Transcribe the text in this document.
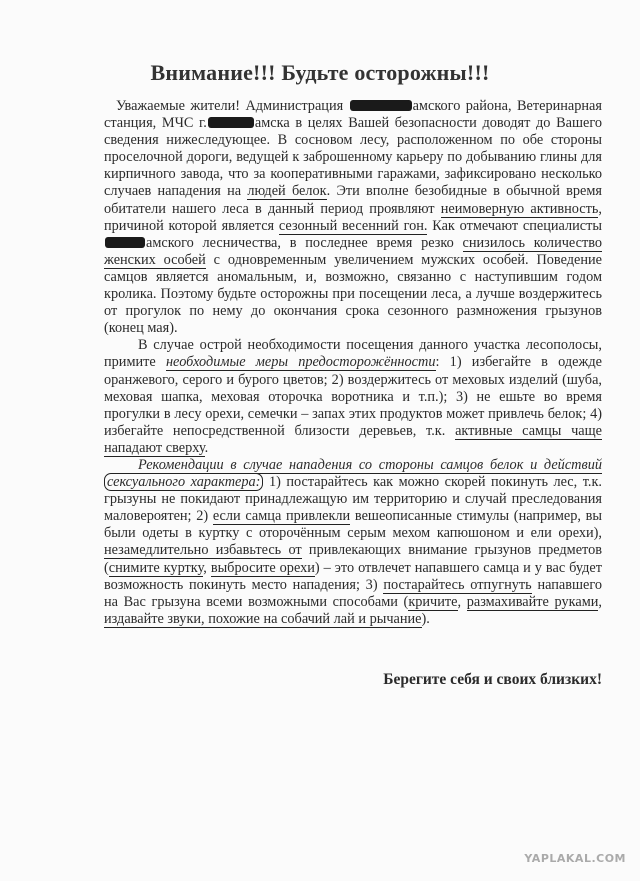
Внимание!!! Будьте осторожны!!!

Уважаемые жители! Администрация	амского района, Ветеринарная станция, МЧС г.	амска в целях Вашей безопасности доводят до Вашего сведения нижеследующее. В сосновом лесу, расположенном по обе стороны проселочной дороги, ведущей к заброшенному карьеру по добыванию глины для кирпичного завода, что за кооперативными гаражами, зафиксировано несколько случаев нападения на людей белок. Эти вполне безобидные в обычной время обитатели нашего леса в данный период проявляют неимоверную активность, причиной которой является сезонный весенний гон. Как отмечают специалисты амского лесничества, в последнее время резко снизилось количество женских особей с одновременным увеличением мужских особей. Поведение самцов является аномальным, и, возможно, связанно с наступившим годом кролика. Поэтому будьте осторожны при посещении леса, а лучше воздержитесь от прогулок по нему до окончания срока сезонного размножения грызунов (конец мая).

В случае острой необходимости посещения данного участка лесополосы, примите необходимые меры предосторожённости: 1) избегайте в одежде оранжевого, серого и бурого цветов; 2) воздержитесь от меховых изделий (шуба, меховая шапка, меховая оторочка воротника и т.п.); 3) не ешьте во время прогулки в лесу орехи, семечки – запах этих продуктов может привлечь белок; 4) избегайте непосредственной близости деревьев, т.к. активные самцы чаще нападают сверху.

Рекомендации в случае нападения со стороны самцов белок и действий сексуального характера: 1) постарайтесь как можно скорей покинуть лес, т.к. грызуны не покидают принадлежащую им территорию и случай преследования маловероятен; 2) если самца привлекли вешеописанные стимулы (например, вы были одеты в куртку с оторочённым серым мехом капюшоном и ели орехи), незамедлительно избавьтесь от привлекающих внимание грызунов предметов (снимите куртку, выбросите орехи) – это отвлечет напавшего самца и у вас будет возможность покинуть место нападения; 3) постарайтесь отпугнуть напавшего на Вас грызуна всеми возможными способами (кричите, размахивайте руками, издавайте звуки, похожие на собачий лай и рычание).

Берегите себя и своих близких!
YAPLAKAL.COM
